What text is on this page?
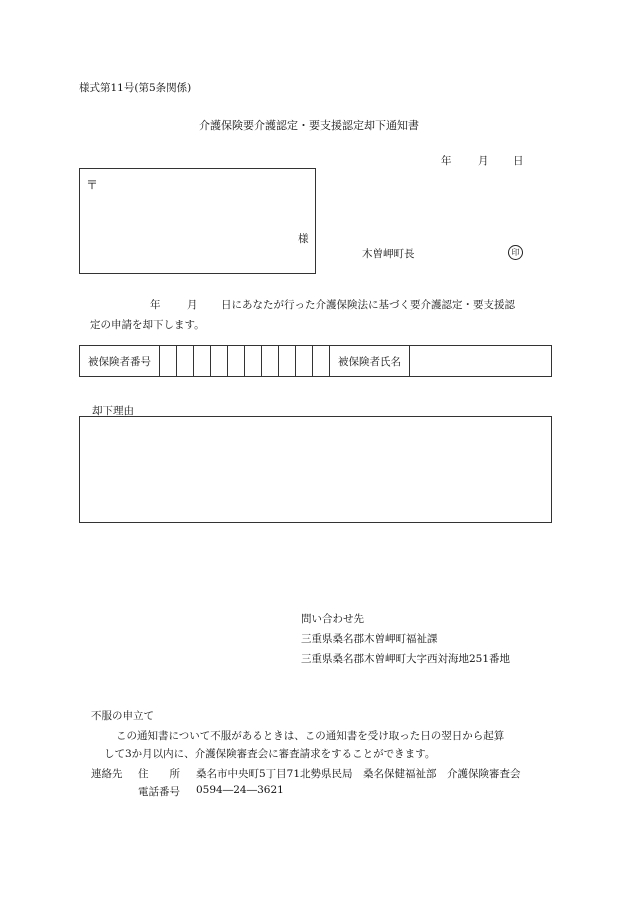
様式第11号(第5条関係)
介護保険要介護認定・要支援認定却下通知書
年	月 日
〒
様
木曽岬町長	印
年	月 日にあなたが行った介護保険法に基づく要介護認定・要支援認
定の申請を却下します。
被保険者番号											被保険者氏名	
却下理由
問い合わせ先
三重県桑名郡木曽岬町福祉課
三重県桑名郡木曽岬町大字西対海地251番地
不服の申立て
この通知書について不服があるときは、この通知書を受け取った日の翌日から起算
して3か月以内に、介護保険審査会に審査請求をすることができます。
連絡先 住　　所 桑名市中央町5丁目71北勢県民局　桑名保健福祉部　介護保険審査会
電話番号 0594―24―3621
